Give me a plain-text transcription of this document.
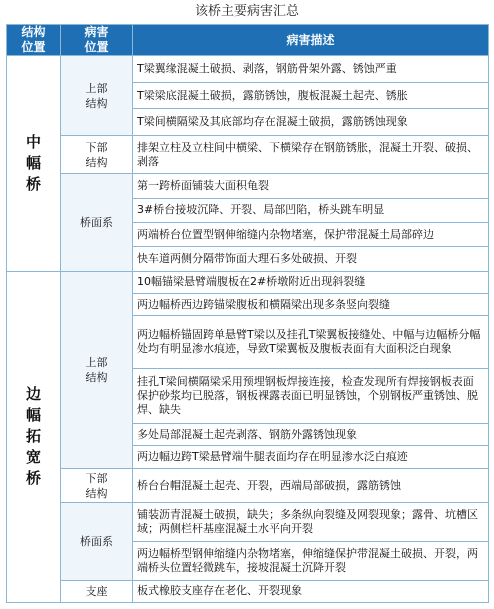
该桥主要病害汇总
结构位置	病害位置	病害描述
中幅桥	上部结构	T梁翼缘混凝土破损、剥落，钢筋骨架外露、锈蚀严重
		T梁梁底混凝土破损，露筋锈蚀，腹板混凝土起壳、锈胀
		T梁间横隔梁及其底部均存在混凝土破损，露筋锈蚀现象
	下部结构	排架立柱及立柱间中横梁、下横梁存在钢筋锈胀，混凝土开裂、破损、剥落
	桥面系	第一跨桥面铺装大面积龟裂
		3#桥台接坡沉降、开裂、局部凹陷，桥头跳车明显
		两端桥台位置型钢伸缩缝内杂物堵塞，保护带混凝土局部碎边
		快车道两侧分隔带饰面大理石多处破损、开裂
边幅拓宽桥	上部结构	10幅锚梁悬臂端腹板在2#桥墩附近出现斜裂缝
		两边幅桥西边跨锚梁腹板和横隔梁出现多条竖向裂缝
		两边幅桥锚固跨单悬臂T梁以及挂孔T梁翼板接缝处、中幅与边幅桥分幅处均有明显渗水痕迹，导致T梁翼板及腹板表面有大面积泛白现象
		挂孔T梁间横隔梁采用预埋钢板焊接连接，检查发现所有焊接钢板表面保护砂浆均已脱落，钢板裸露表面已明显锈蚀，个别钢板严重锈蚀、脱焊、缺失
		多处局部混凝土起壳剥落、钢筋外露锈蚀现象
		两边幅边跨T梁悬臂端牛腿表面均存在明显渗水泛白痕迹
	下部结构	桥台台帽混凝土起壳、开裂，西端局部破损，露筋锈蚀
	桥面系	铺装沥青混凝土破损，缺失；多条纵向裂缝及网裂现象；露骨、坑槽区域；两侧栏杆基座混凝土水平向开裂
		两边幅桥型钢伸缩缝内杂物堵塞，伸缩缝保护带混凝土破损、开裂，两端桥头位置轻微跳车，接坡混凝土沉降开裂
	支座	板式橡胶支座存在老化、开裂现象
